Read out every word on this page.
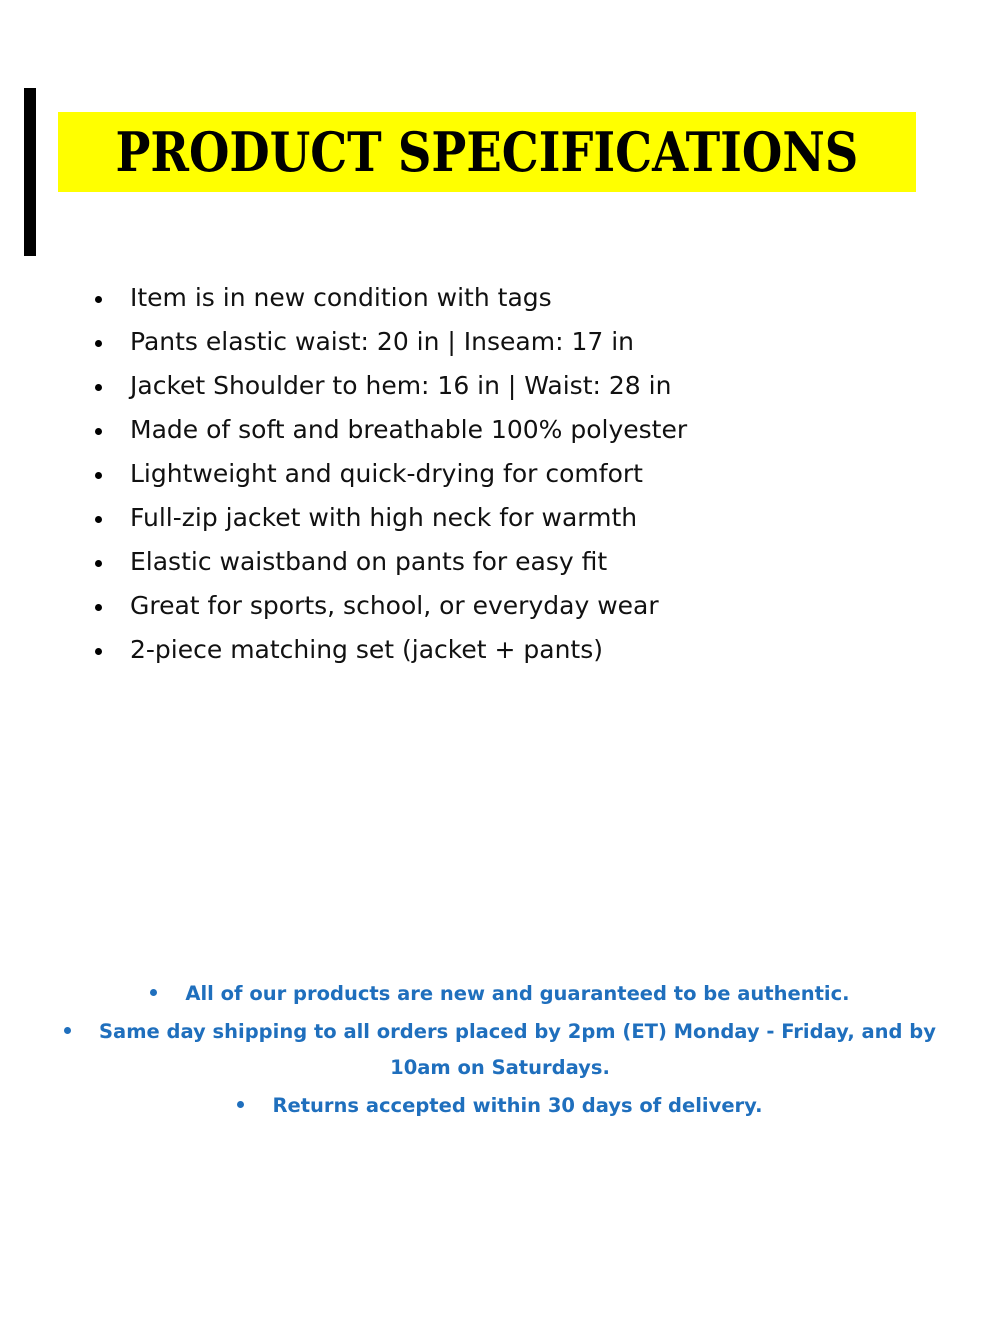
PRODUCT SPECIFICATIONS
Item is in new condition with tags
Pants elastic waist: 20 in | Inseam: 17 in
Jacket Shoulder to hem: 16 in | Waist: 28 in
Made of soft and breathable 100% polyester
Lightweight and quick-drying for comfort
Full-zip jacket with high neck for warmth
Elastic waistband on pants for easy fit
Great for sports, school, or everyday wear
2-piece matching set (jacket + pants)
All of our products are new and guaranteed to be authentic.
Same day shipping to all orders placed by 2pm (ET) Monday - Friday, and by 10am on Saturdays.
Returns accepted within 30 days of delivery.
